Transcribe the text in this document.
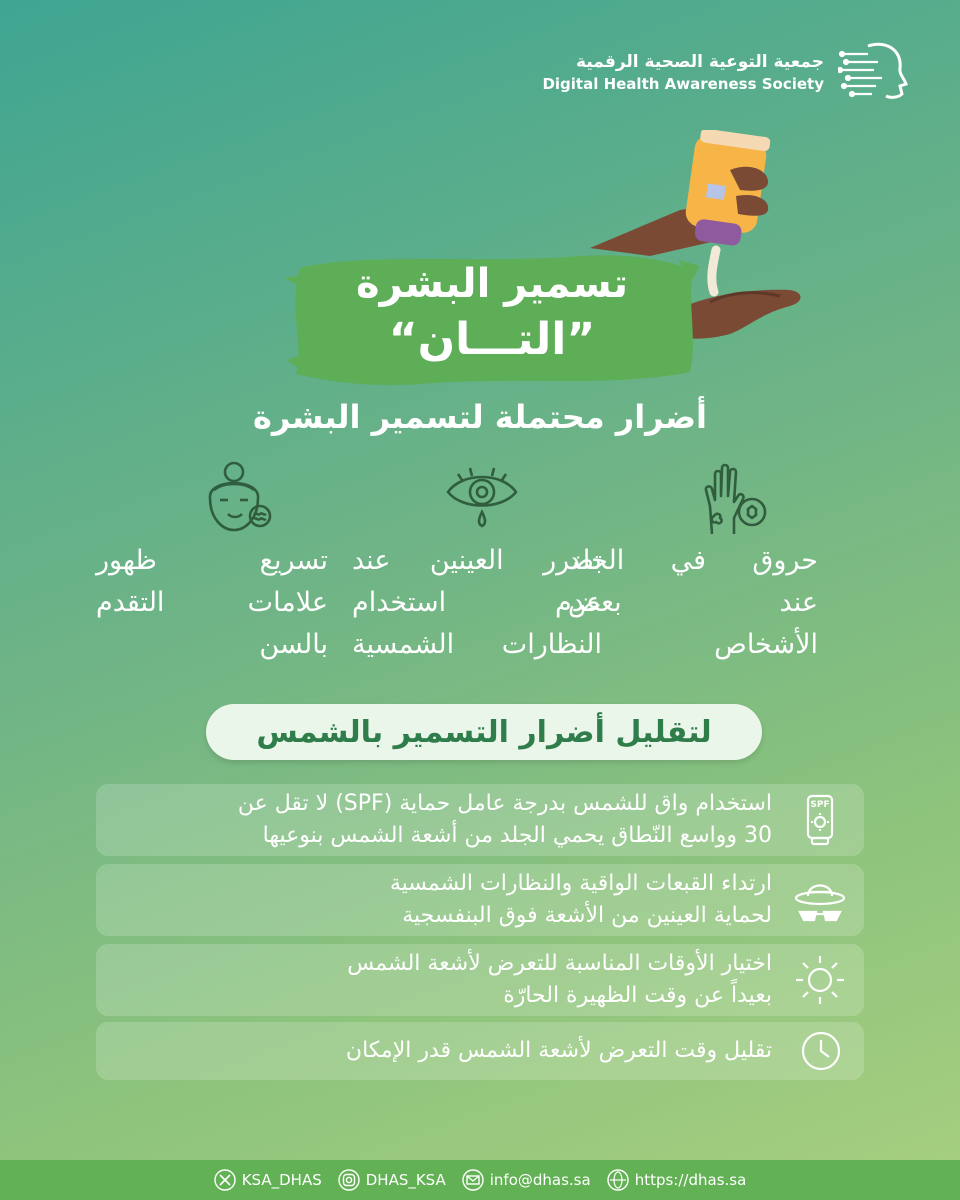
جمعية التوعية الصحية الرقمية
Digital Health Awareness Society
تسمير البشرة
”التـــان“
أضرار محتملة لتسمير البشرة
حروق في الجلد
عند بعض
الأشخاص
تضرر العينين عند
عدم استخدام
النظارات الشمسية
تسريع ظهور
علامات التقدم
بالسن
لتقليل أضرار التسمير بالشمس
SPF
استخدام واق للشمس بدرجة عامل حماية (SPF) لا تقل عن
30 وواسع النّطاق يحمي الجلد من أشعة الشمس بنوعيها
ارتداء القبعات الواقية والنظارات الشمسية
لحماية العينين من الأشعة فوق البنفسجية
اختيار الأوقات المناسبة للتعرض لأشعة الشمس
بعيداً عن وقت الظهيرة الحارّة
تقليل وقت التعرض لأشعة الشمس قدر الإمكان
KSA_DHAS	DHAS_KSA	info@dhas.sa	https://dhas.sa
